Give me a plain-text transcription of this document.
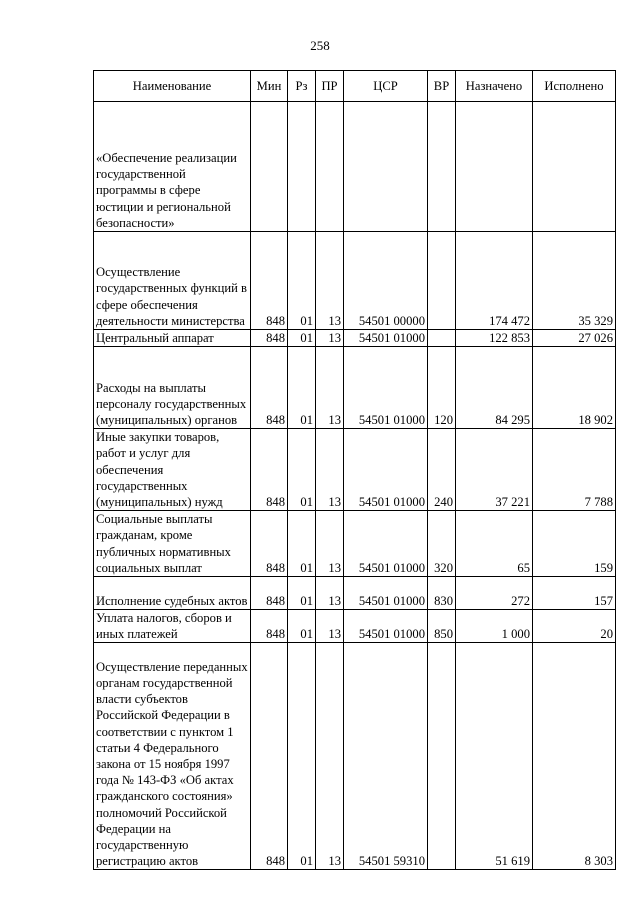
258
Наименование	Мин	Рз	ПР	ЦСР	ВР	Назначено	Исполнено
«Обеспечение реализации государственной программы в сфере юстиции и региональной безопасности»							
Осуществление государственных функций в сфере обеспечения деятельности министерства	848	01	13	54501 00000		174 472	35 329
Центральный аппарат	848	01	13	54501 01000		122 853	27 026
Расходы на выплаты персоналу государственных (муниципальных) органов	848	01	13	54501 01000	120	84 295	18 902
Иные закупки товаров, работ и услуг для обеспечения государственных (муниципальных) нужд	848	01	13	54501 01000	240	37 221	7 788
Социальные выплаты гражданам, кроме публичных нормативных социальных выплат	848	01	13	54501 01000	320	65	159
Исполнение судебных актов	848	01	13	54501 01000	830	272	157
Уплата налогов, сборов и иных платежей	848	01	13	54501 01000	850	1 000	20
Осуществление переданных органам государственной власти субъектов Российской Федерации в соответствии с пунктом 1 статьи 4 Федерального закона от 15 ноября 1997 года № 143-ФЗ «Об актах гражданского состояния» полномочий Российской Федерации на государственную регистрацию актов	848	01	13	54501 59310		51 619	8 303
